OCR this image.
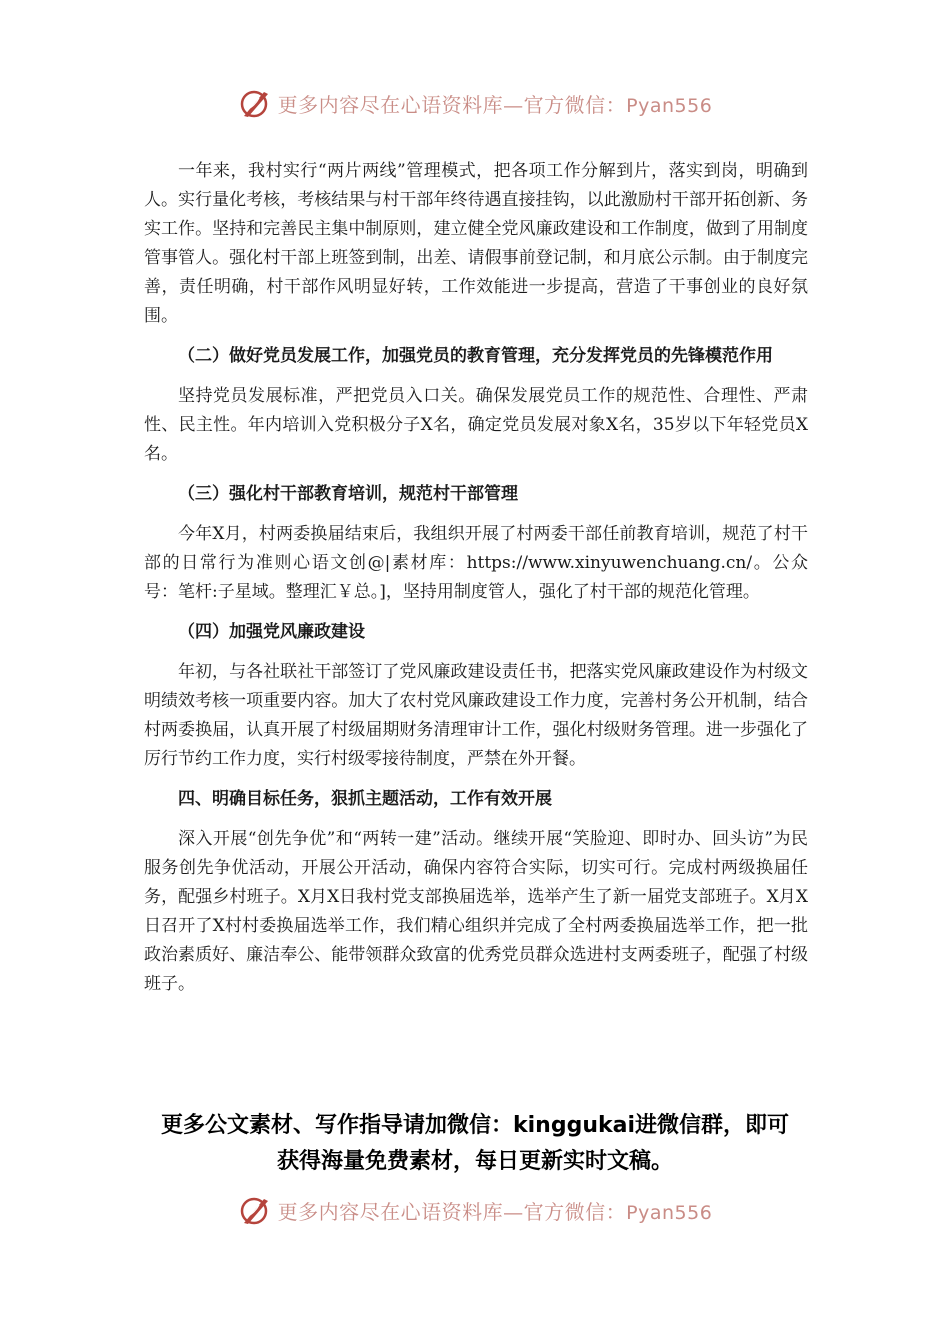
更多内容尽在心语资料库—官方微信：Pyan556

一年来，我村实行“两片两线”管理模式，把各项工作分解到片，落实到岗，明确到人。实行量化考核，考核结果与村干部年终待遇直接挂钩，以此激励村干部开拓创新、务实工作。坚持和完善民主集中制原则，建立健全党风廉政建设和工作制度，做到了用制度管事管人。强化村干部上班签到制，出差、请假事前登记制，和月底公示制。由于制度完善，责任明确，村干部作风明显好转，工作效能进一步提高，营造了干事创业的良好氛围。

（二）做好党员发展工作，加强党员的教育管理，充分发挥党员的先锋模范作用

坚持党员发展标准，严把党员入口关。确保发展党员工作的规范性、合理性、严肃性、民主性。年内培训入党积极分子X名，确定党员发展对象X名，35岁以下年轻党员X名。

（三）强化村干部教育培训，规范村干部管理

今年X月，村两委换届结束后，我组织开展了村两委干部任前教育培训，规范了村干部的日常行为准则心语文创@|素材库：https://www.xinyuwenchuang.cn/。公众号：笔杆:子星域。整理汇￥总。]，坚持用制度管人，强化了村干部的规范化管理。

（四）加强党风廉政建设

年初，与各社联社干部签订了党风廉政建设责任书，把落实党风廉政建设作为村级文明绩效考核一项重要内容。加大了农村党风廉政建设工作力度，完善村务公开机制，结合村两委换届，认真开展了村级届期财务清理审计工作，强化村级财务管理。进一步强化了厉行节约工作力度，实行村级零接待制度，严禁在外开餐。

四、明确目标任务，狠抓主题活动，工作有效开展

深入开展“创先争优”和“两转一建”活动。继续开展“笑脸迎、即时办、回头访”为民服务创先争优活动，开展公开活动，确保内容符合实际，切实可行。完成村两级换届任务，配强乡村班子。X月X日我村党支部换届选举，选举产生了新一届党支部班子。X月X日召开了X村村委换届选举工作，我们精心组织并完成了全村两委换届选举工作，把一批政治素质好、廉洁奉公、能带领群众致富的优秀党员群众选进村支两委班子，配强了村级班子。

更多公文素材、写作指导请加微信：kinggukai进微信群，即可
获得海量免费素材，每日更新实时文稿。
更多内容尽在心语资料库—官方微信：Pyan556
